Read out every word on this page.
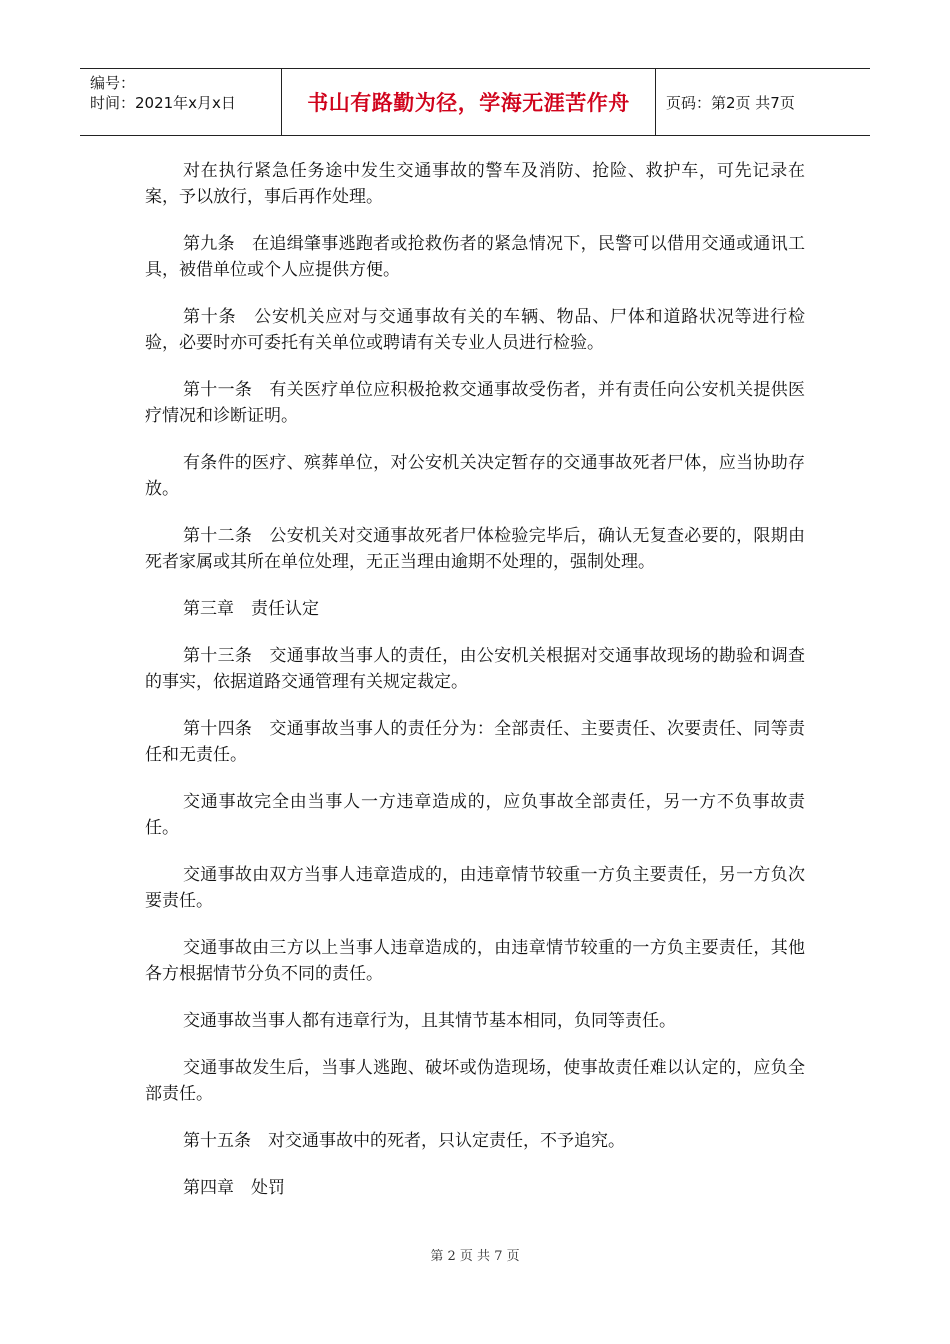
编号：
时间：2021年x月x日	书山有路勤为径，学海无涯苦作舟 页码：第2页 共7页

对在执行紧急任务途中发生交通事故的警车及消防、抢险、救护车，可先记录在案，予以放行，事后再作处理。

第九条　在追缉肇事逃跑者或抢救伤者的紧急情况下，民警可以借用交通或通讯工具，被借单位或个人应提供方便。

第十条　公安机关应对与交通事故有关的车辆、物品、尸体和道路状况等进行检验，必要时亦可委托有关单位或聘请有关专业人员进行检验。

第十一条　有关医疗单位应积极抢救交通事故受伤者，并有责任向公安机关提供医疗情况和诊断证明。

有条件的医疗、殡葬单位，对公安机关决定暂存的交通事故死者尸体，应当协助存放。

第十二条　公安机关对交通事故死者尸体检验完毕后，确认无复查必要的，限期由死者家属或其所在单位处理，无正当理由逾期不处理的，强制处理。

第三章　责任认定

第十三条　交通事故当事人的责任，由公安机关根据对交通事故现场的勘验和调查的事实，依据道路交通管理有关规定裁定。

第十四条　交通事故当事人的责任分为：全部责任、主要责任、次要责任、同等责任和无责任。

交通事故完全由当事人一方违章造成的，应负事故全部责任，另一方不负事故责任。

交通事故由双方当事人违章造成的，由违章情节较重一方负主要责任，另一方负次要责任。

交通事故由三方以上当事人违章造成的，由违章情节较重的一方负主要责任，其他各方根据情节分负不同的责任。

交通事故当事人都有违章行为，且其情节基本相同，负同等责任。

交通事故发生后，当事人逃跑、破坏或伪造现场，使事故责任难以认定的，应负全部责任。

第十五条　对交通事故中的死者，只认定责任，不予追究。

第四章　处罚

第 2 页 共 7 页
